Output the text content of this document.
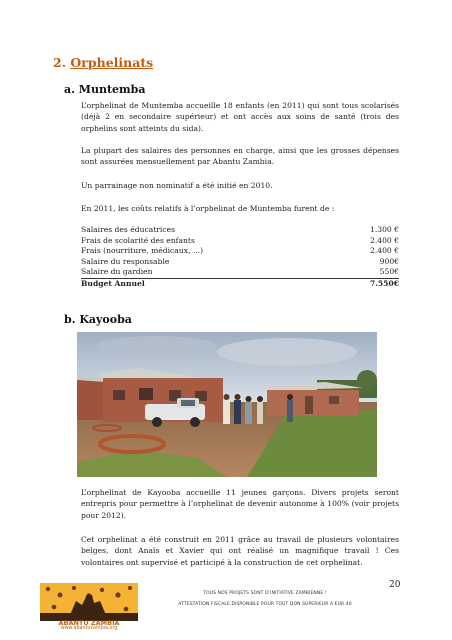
2. Orphelinats
a. Muntemba
L’orphelinat de Muntemba accueille 18 enfants (en 2011) qui sont tous scolarisés (déjà 2 en secondaire supérieur) et ont accès aux soins de santé (trois des orphelins sont atteints du sida).
La plupart des salaires des personnes en charge, ainsi que les grosses dépenses sont assurées mensuellement par Abantu Zambia.
Un parrainage non nominatif a été initié en 2010.
En 2011, les coûts relatifs à l’orphelinat de Muntemba furent de :
Salaires des éducatrices	1.300 €
Frais de scolarité des enfants	2.400 €
Frais (nourriture, médicaux, ...)	2.400 €
Salaire du responsable	900€
Salaire du gardien	550€
Budget Annuel	7.550€
b. Kayooba
L’orphelinat de Kayooba accueille 11 jeunes garçons. Divers projets seront entrepris pour permettre à l’orphelinat de devenir autonome à 100% (voir projets pour 2012).
Cet orphelinat a été construit en 2011 grâce au travail de plusieurs volontaires belges, dont Anaïs et Xavier qui ont réalisé un magnifique travail ! Ces volontaires ont supervisé et participé à la construction de cet orphelinat.
20
ABANTU ZAMBIA
www.abantuzambia.org
TOUS NOS PROJETS SONT D’INITIATIVE ZAMBIENNE !
ATTESTATION FISCALE DISPONIBLE POUR TOUT DON SUPERIEUR A EUR 40
